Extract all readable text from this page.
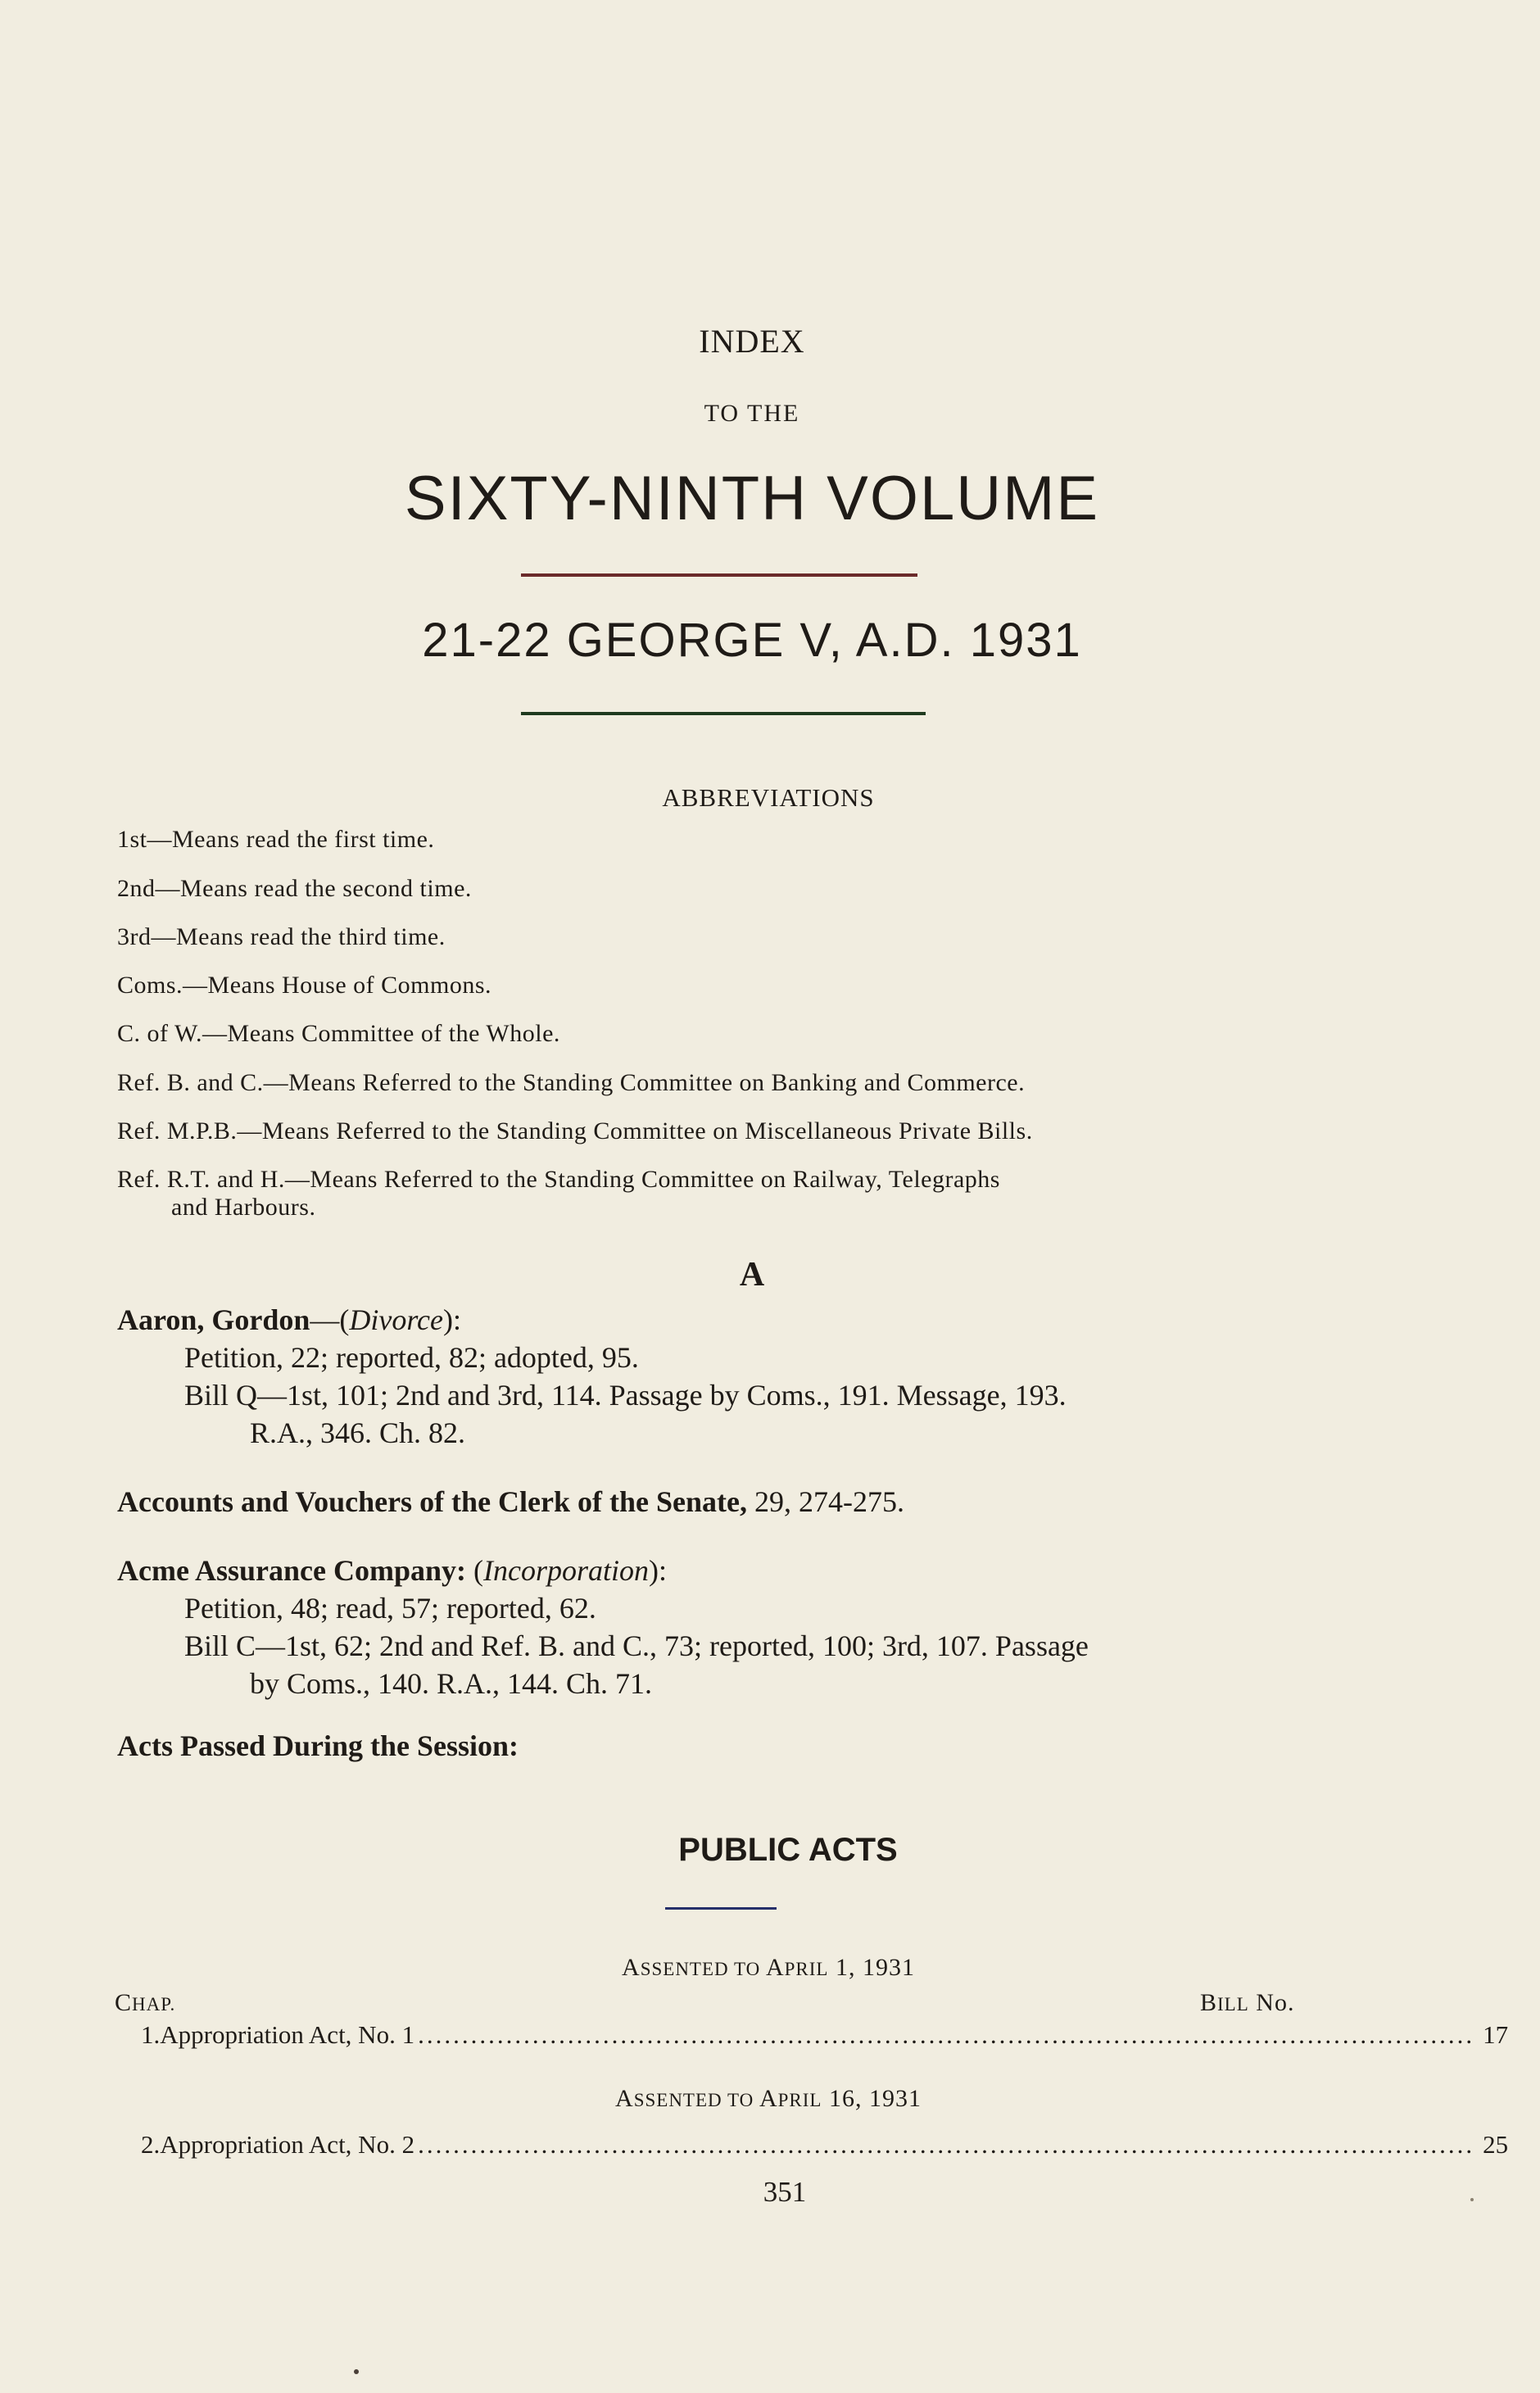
INDEX
TO THE
SIXTY-NINTH VOLUME
21-22 GEORGE V, A.D. 1931
ABBREVIATIONS
1st—Means read the first time.
2nd—Means read the second time.
3rd—Means read the third time.
Coms.—Means House of Commons.
C. of W.—Means Committee of the Whole.
Ref. B. and C.—Means Referred to the Standing Committee on Banking and Commerce.
Ref. M.P.B.—Means Referred to the Standing Committee on Miscellaneous Private Bills.
Ref. R.T. and H.—Means Referred to the Standing Committee on Railway, Telegraphs
and Harbours.
A
Aaron, Gordon—(Divorce):
Petition, 22; reported, 82; adopted, 95.
Bill Q—1st, 101; 2nd and 3rd, 114. Passage by Coms., 191. Message, 193.
R.A., 346. Ch. 82.
Accounts and Vouchers of the Clerk of the Senate, 29, 274-275.
Acme Assurance Company: (Incorporation):
Petition, 48; read, 57; reported, 62.
Bill C—1st, 62; 2nd and Ref. B. and C., 73; reported, 100; 3rd, 107. Passage
by Coms., 140. R.A., 144. Ch. 71.
Acts Passed During the Session:
PUBLIC ACTS
ASSENTED TO APRIL 1, 1931
CHAP.	BILL No.
1. Appropriation Act, No. 1 ........................................................................................................................ 17
ASSENTED TO APRIL 16, 1931
2. Appropriation Act, No. 2 ........................................................................................................................ 25
351
